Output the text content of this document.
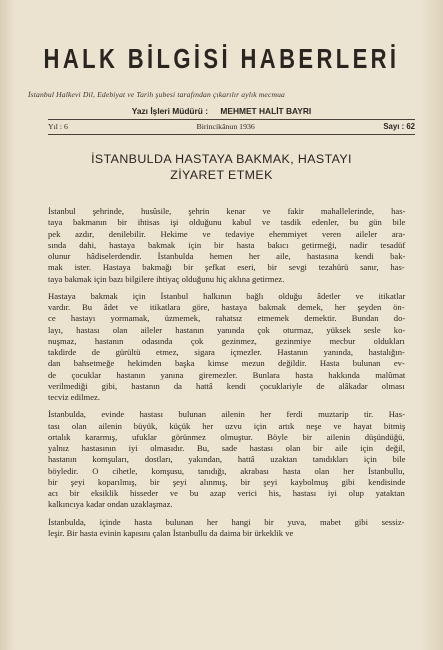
HALK BİLGİSİ HABERLERİ
İstanbul Halkevi Dil, Edebiyat ve Tarih şubesi tarafından çıkarılır aylık mecmua
Yazı İşleri Müdürü : MEHMET HALİT BAYRI
Yıl : 6	Birincikânun 1936	Sayı : 62
İSTANBULDA HASTAYA BAKMAK, HASTAYI
ZİYARET ETMEK
İstanbul şehrinde, husûsile, şehrin kenar ve fakir mahallelerinde, has-
taya bakmanın bir ihtisas işi olduğunu kabul ve tasdik edenler, bu gün bile
pek azdır, denilebilir. Hekime ve tedaviye ehemmiyet veren aileler ara-
sında dahi, hastaya bakmak için bir hasta bakıcı getirmeği, nadir tesadüf
olunur hâdiselerdendir. İstanbulda hemen her aile, hastasına kendi bak-
mak ister. Hastaya bakmağı bir şefkat eseri, bir sevgi tezahürü sanır, has-
taya bakmak için bazı bilgilere ihtiyaç olduğunu hiç aklına getirmez.
Hastaya bakmak için İstanbul halkının bağlı olduğu âdetler ve itikatlar
vardır. Bu âdet ve itikatlara göre, hastaya bakmak demek, her şeyden ön-
ce hastayı yormamak, üzmemek, rahatsız etmemek demektir. Bundan do-
layı, hastası olan aileler hastanın yanında çok oturmaz, yüksek sesle ko-
nuşmaz, hastanın odasında çok gezinmez, gezinmiye mecbur oldukları
takdirde de gürültü etmez, sigara içmezler. Hastanın yanında, hastalığın-
dan bahsetmeğe hekimden başka kimse mezun değildir. Hasta bulunan ev-
de çocuklar hastanın yanına giremezler. Bunlara hasta hakkında malûmat
verilmediği gibi, hastanın da hattâ kendi çocuklariyle de alâkadar olması
tecviz edilmez.
İstanbulda, evinde hastası bulunan ailenin her ferdi muztarip tir. Has-
tası olan ailenin büyük, küçük her uzvu için artık neşe ve hayat bitmiş
ortalık kararmış, ufuklar görünmez olmuştur. Böyle bir ailenin düşündüğü,
yalnız hastasının iyi olmasıdır. Bu, sade hastası olan bir aile için değil,
hastanın komşuları, dostları, yakından, hattâ uzaktan tanıdıkları için bile
böyledir. O cihetle, komşusu, tanıdığı, akrabası hasta olan her İstanbullu,
bir şeyi koparılmış, bir şeyi alınmış, bir şeyi kaybolmuş gibi kendisinde
acı bir eksiklik hisseder ve bu azap verici his, hastası iyi olup yataktan
kalkıncıya kadar ondan uzaklaşmaz.
İstanbulda, içinde hasta bulunan her hangi bir yuva, mabet gibi sessiz-
leşir. Bir hasta evinin kapısını çalan İstanbullu da daima bir ürkeklik ve
